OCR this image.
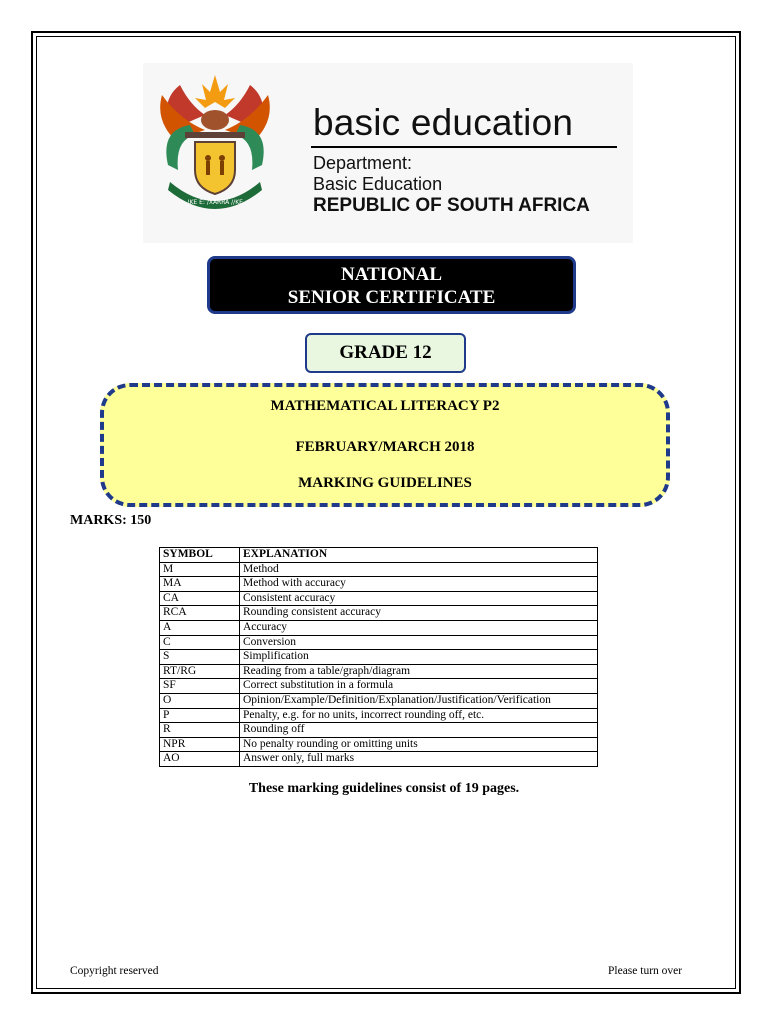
!KE E: /XARRA //KE
basic education
Department:
Basic Education
REPUBLIC OF SOUTH AFRICA
NATIONAL
SENIOR CERTIFICATE
GRADE 12
MATHEMATICAL LITERACY P2
FEBRUARY/MARCH 2018
MARKING GUIDELINES
MARKS: 150
SYMBOL	EXPLANATION
M	Method
MA	Method with accuracy
CA	Consistent accuracy
RCA	Rounding consistent accuracy
A	Accuracy
C	Conversion
S	Simplification
RT/RG	Reading from a table/graph/diagram
SF	Correct substitution in a formula
O	Opinion/Example/Definition/Explanation/Justification/Verification
P	Penalty, e.g. for no units, incorrect rounding off, etc.
R	Rounding off
NPR	No penalty rounding or omitting units
AO	Answer only, full marks
These marking guidelines consist of 19 pages.
Copyright reserved	Please turn over
